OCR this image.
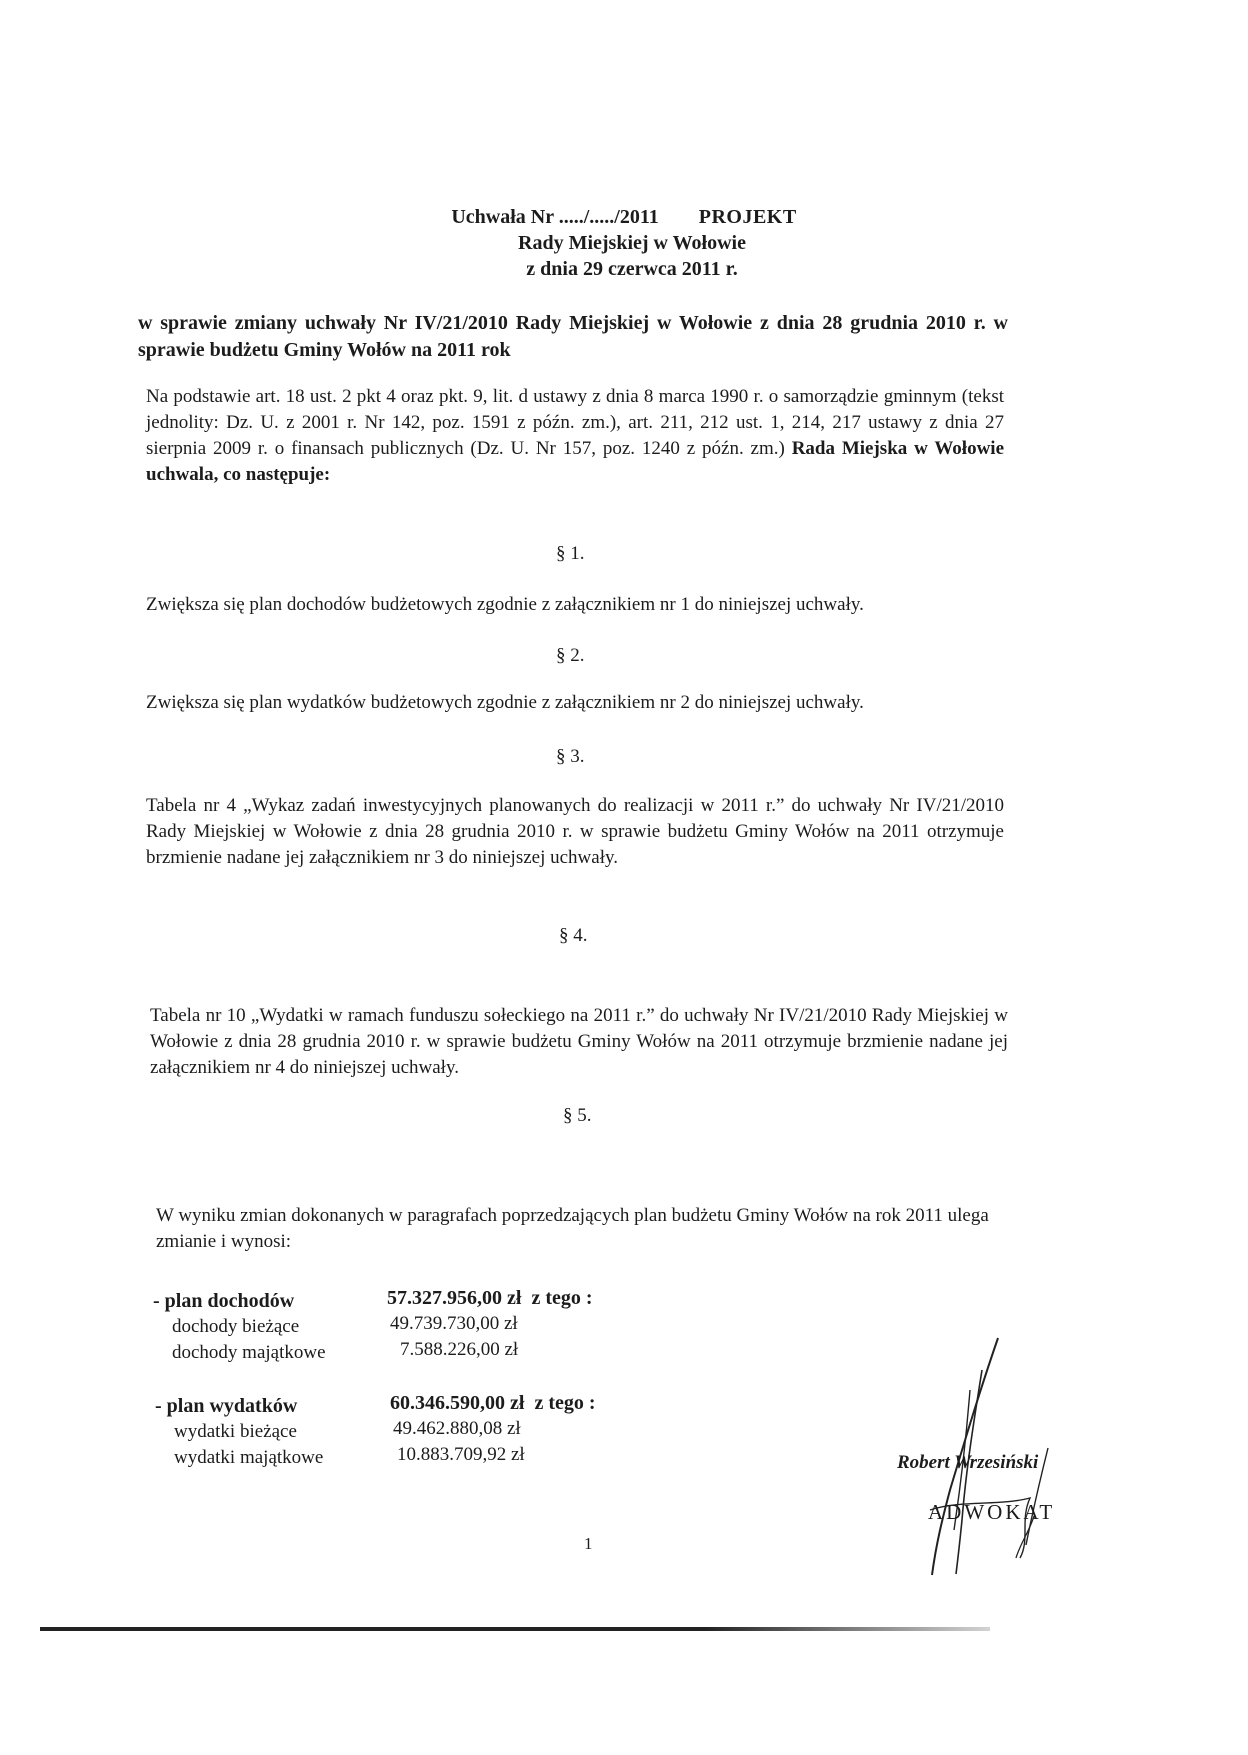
Uchwała Nr ...../...../2011 PROJEKT
Rady Miejskiej w Wołowie
z dnia 29 czerwca 2011 r.
w sprawie zmiany uchwały Nr IV/21/2010 Rady Miejskiej w Wołowie z dnia 28 grudnia 2010 r. w sprawie budżetu Gminy Wołów na 2011 rok
Na podstawie art. 18 ust. 2 pkt 4 oraz pkt. 9, lit. d ustawy z dnia 8 marca 1990 r. o samorządzie gminnym (tekst jednolity: Dz. U. z 2001 r. Nr 142, poz. 1591 z późn. zm.), art. 211, 212 ust. 1, 214, 217 ustawy z dnia 27 sierpnia 2009 r. o finansach publicznych (Dz. U. Nr 157, poz. 1240 z późn. zm.) Rada Miejska w Wołowie uchwala, co następuje:
§ 1.
Zwiększa się plan dochodów budżetowych zgodnie z załącznikiem nr 1 do niniejszej uchwały.
§ 2.
Zwiększa się plan wydatków budżetowych zgodnie z załącznikiem nr 2 do niniejszej uchwały.
§ 3.
Tabela nr 4 „Wykaz zadań inwestycyjnych planowanych do realizacji w 2011 r.” do uchwały Nr IV/21/2010 Rady Miejskiej w Wołowie z dnia 28 grudnia 2010 r. w sprawie budżetu Gminy Wołów na 2011 otrzymuje brzmienie nadane jej załącznikiem nr 3 do niniejszej uchwały.
§ 4.
Tabela nr 10 „Wydatki w ramach funduszu sołeckiego na 2011 r.” do uchwały Nr IV/21/2010 Rady Miejskiej w Wołowie z dnia 28 grudnia 2010 r. w sprawie budżetu Gminy Wołów na 2011 otrzymuje brzmienie nadane jej załącznikiem nr 4 do niniejszej uchwały.
§ 5.
W wyniku zmian dokonanych w paragrafach poprzedzających plan budżetu Gminy Wołów na rok 2011 ulega zmianie i wynosi:
- plan dochodów	57.327.956,00 zł z tego :
dochody bieżące	49.739.730,00 zł
dochody majątkowe	7.588.226,00 zł
- plan wydatków	60.346.590,00 zł z tego :
wydatki bieżące	49.462.880,08 zł
wydatki majątkowe	10.883.709,92 zł	Robert Wrzesiński
ADWOKAT
1
